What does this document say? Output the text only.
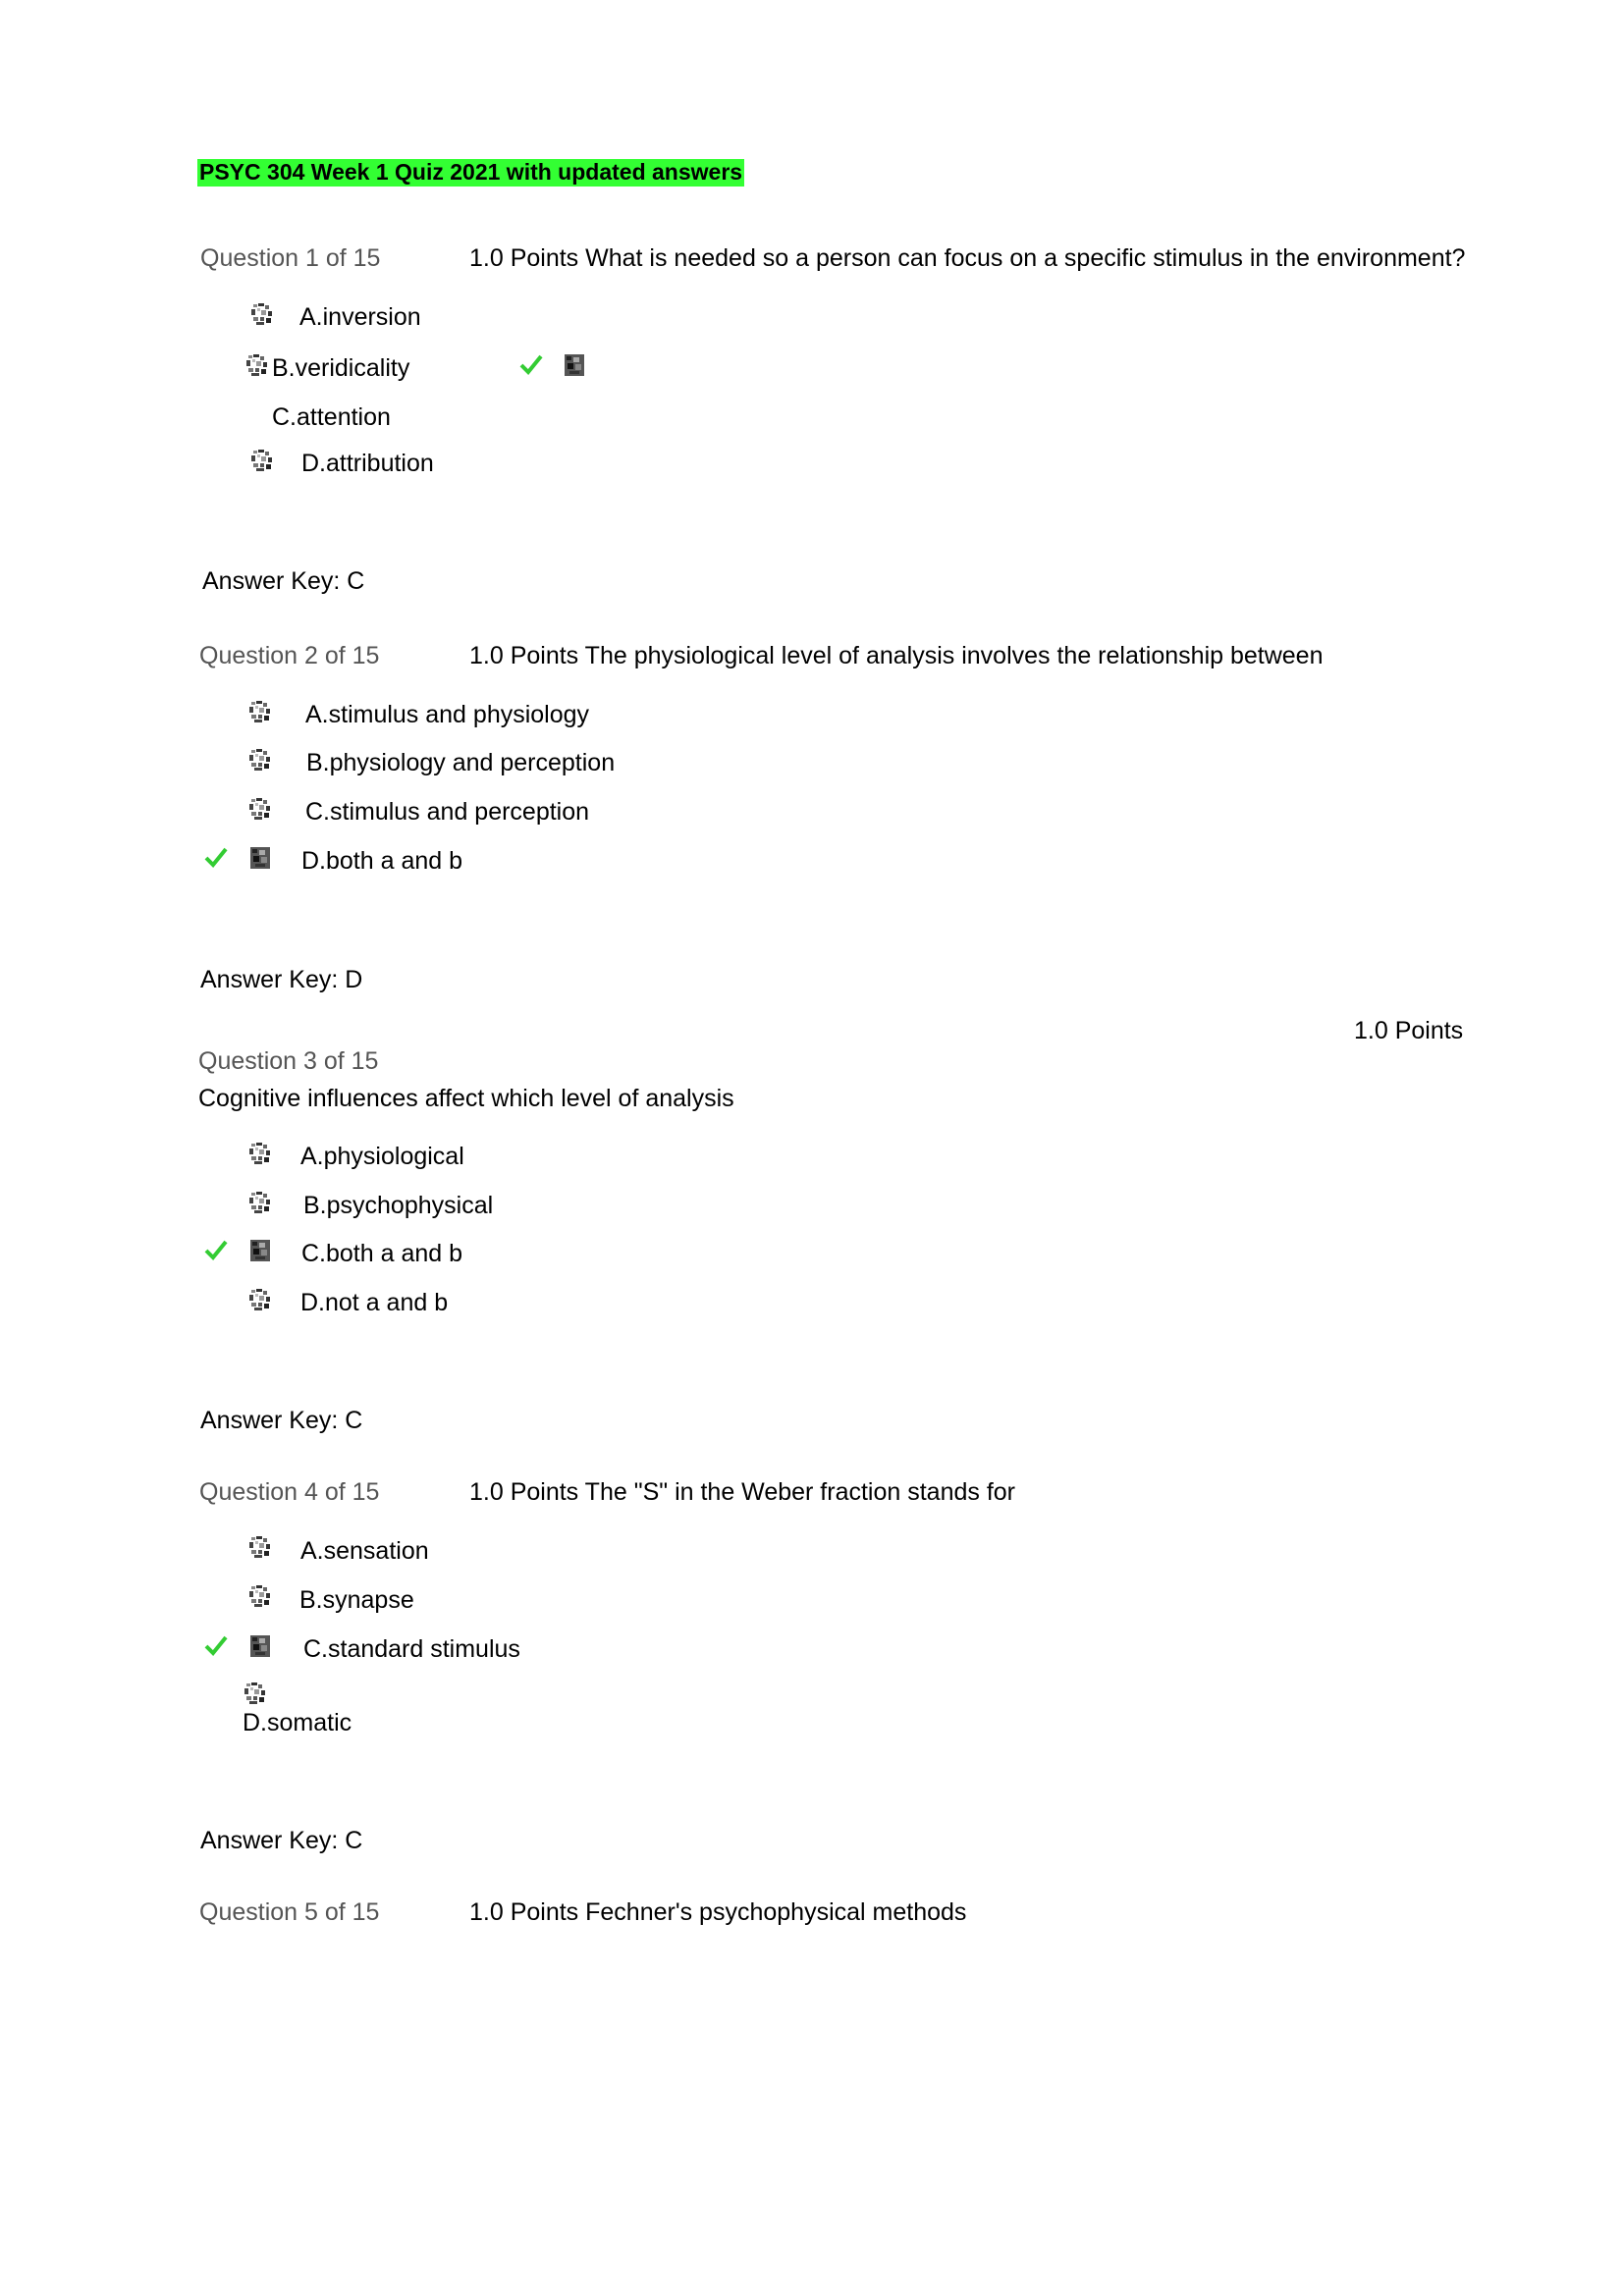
PSYC 304 Week 1 Quiz 2021 with updated answers
Question 1 of 15	1.0 Points What is needed so a person can focus on a specific stimulus in the environment?
A.inversion
B.veridicality
C.attention
D.attribution
Answer Key: C
Question 2 of 15	1.0 Points The physiological level of analysis involves the relationship between
A.stimulus and physiology
B.physiology and perception
C.stimulus and perception
D.both a and b
Answer Key: D
1.0 Points
Question 3 of 15
Cognitive influences affect which level of analysis
A.physiological
B.psychophysical
C.both a and b
D.not a and b
Answer Key: C
Question 4 of 15	1.0 Points The "S" in the Weber fraction stands for
A.sensation
B.synapse
C.standard stimulus
D.somatic
Answer Key: C
Question 5 of 15	1.0 Points Fechner's psychophysical methods
